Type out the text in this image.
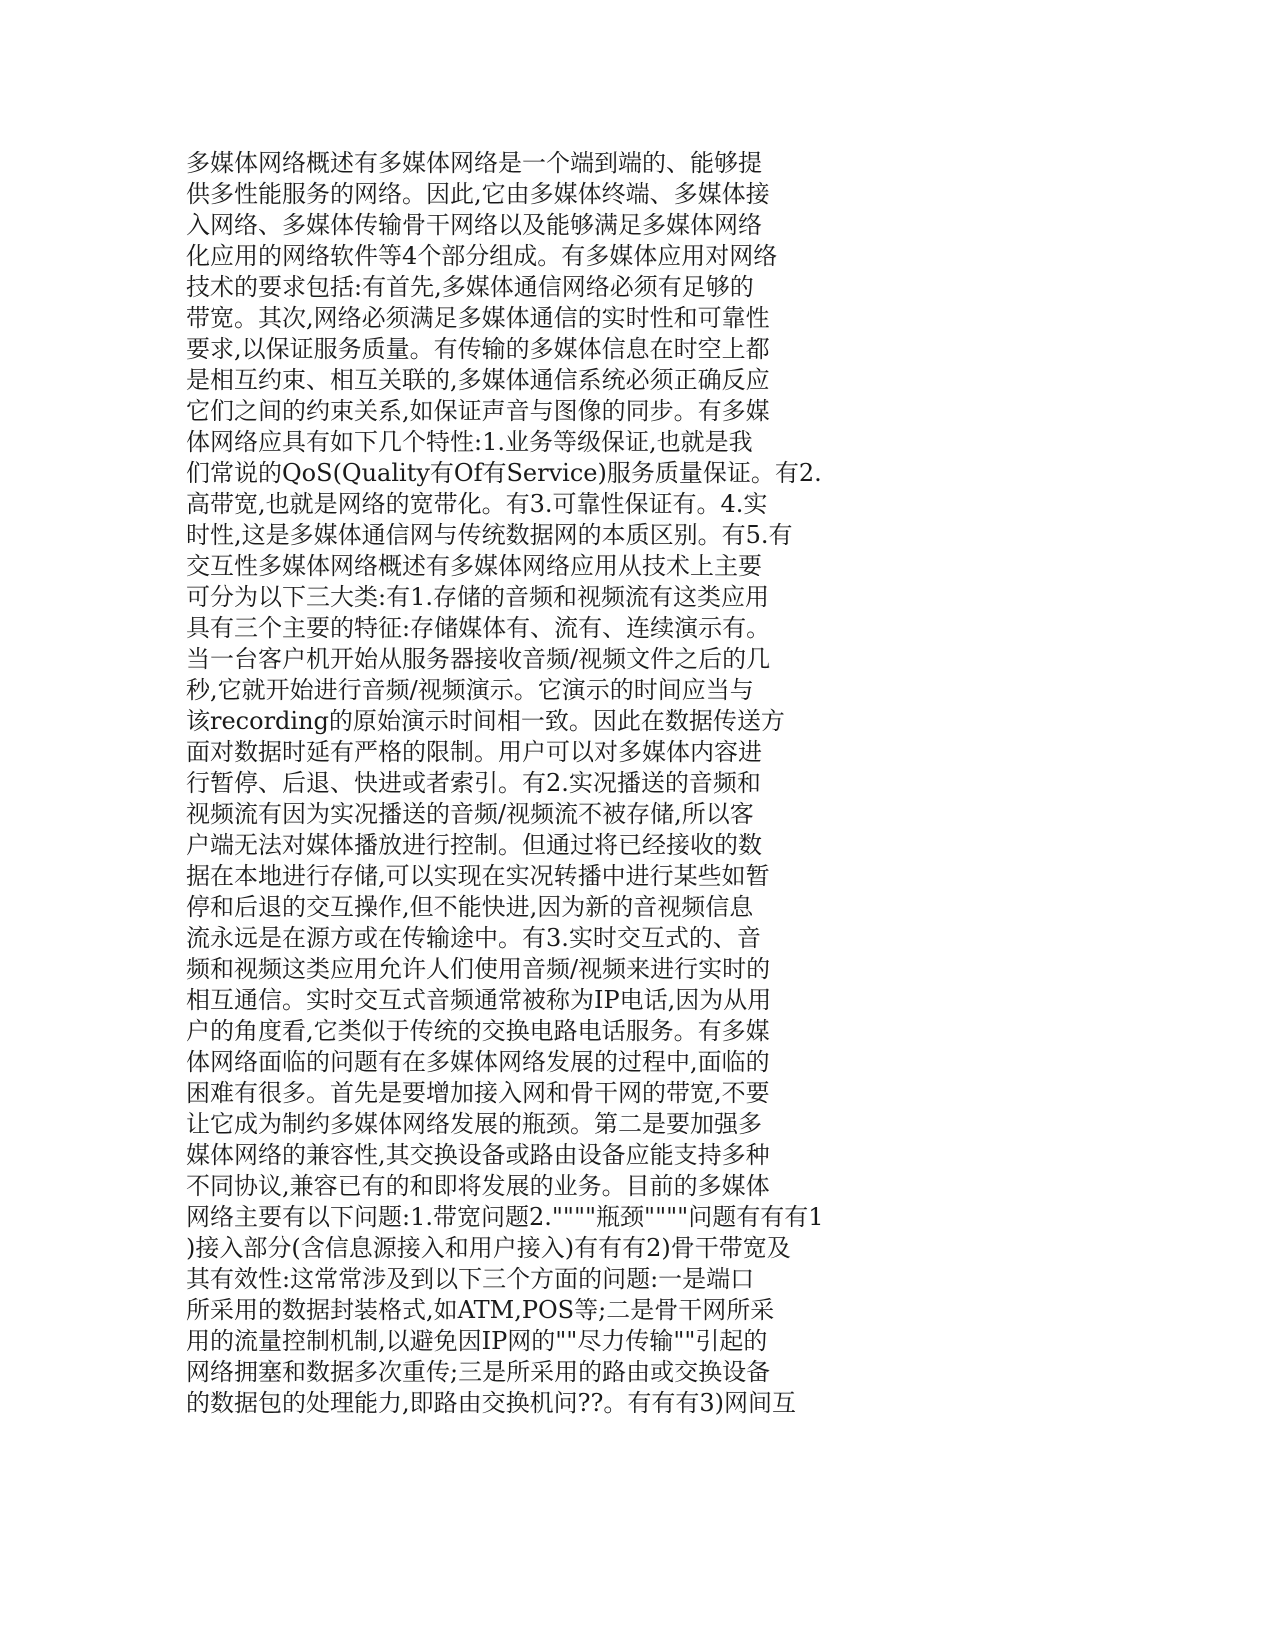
多媒体网络概述有多媒体网络是一个端到端的、能够提
供多性能服务的网络。因此,它由多媒体终端、多媒体接
入网络、多媒体传输骨干网络以及能够满足多媒体网络
化应用的网络软件等4个部分组成。有多媒体应用对网络
技术的要求包括:有首先,多媒体通信网络必须有足够的
带宽。其次,网络必须满足多媒体通信的实时性和可靠性
要求,以保证服务质量。有传输的多媒体信息在时空上都
是相互约束、相互关联的,多媒体通信系统必须正确反应
它们之间的约束关系,如保证声音与图像的同步。有多媒
体网络应具有如下几个特性:1.业务等级保证,也就是我
们常说的QoS(Quality有Of有Service)服务质量保证。有2.
高带宽,也就是网络的宽带化。有3.可靠性保证有。4.实
时性,这是多媒体通信网与传统数据网的本质区别。有5.有
交互性多媒体网络概述有多媒体网络应用从技术上主要
可分为以下三大类:有1.存储的音频和视频流有这类应用
具有三个主要的特征:存储媒体有、流有、连续演示有。
当一台客户机开始从服务器接收音频/视频文件之后的几
秒,它就开始进行音频/视频演示。它演示的时间应当与
该recording的原始演示时间相一致。因此在数据传送方
面对数据时延有严格的限制。用户可以对多媒体内容进
行暂停、后退、快进或者索引。有2.实况播送的音频和
视频流有因为实况播送的音频/视频流不被存储,所以客
户端无法对媒体播放进行控制。但通过将已经接收的数
据在本地进行存储,可以实现在实况转播中进行某些如暂
停和后退的交互操作,但不能快进,因为新的音视频信息
流永远是在源方或在传输途中。有3.实时交互式的、音
频和视频这类应用允许人们使用音频/视频来进行实时的
相互通信。实时交互式音频通常被称为IP电话,因为从用
户的角度看,它类似于传统的交换电路电话服务。有多媒
体网络面临的问题有在多媒体网络发展的过程中,面临的
困难有很多。首先是要增加接入网和骨干网的带宽,不要
让它成为制约多媒体网络发展的瓶颈。第二是要加强多
媒体网络的兼容性,其交换设备或路由设备应能支持多种
不同协议,兼容已有的和即将发展的业务。目前的多媒体
网络主要有以下问题:1.带宽问题2.""""瓶颈""""问题有有有1
)接入部分(含信息源接入和用户接入)有有有2)骨干带宽及
其有效性:这常常涉及到以下三个方面的问题:一是端口
所采用的数据封装格式,如ATM,POS等;二是骨干网所采
用的流量控制机制,以避免因IP网的""尽力传输""引起的
网络拥塞和数据多次重传;三是所采用的路由或交换设备
的数据包的处理能力,即路由交换机问??。有有有3)网间互
